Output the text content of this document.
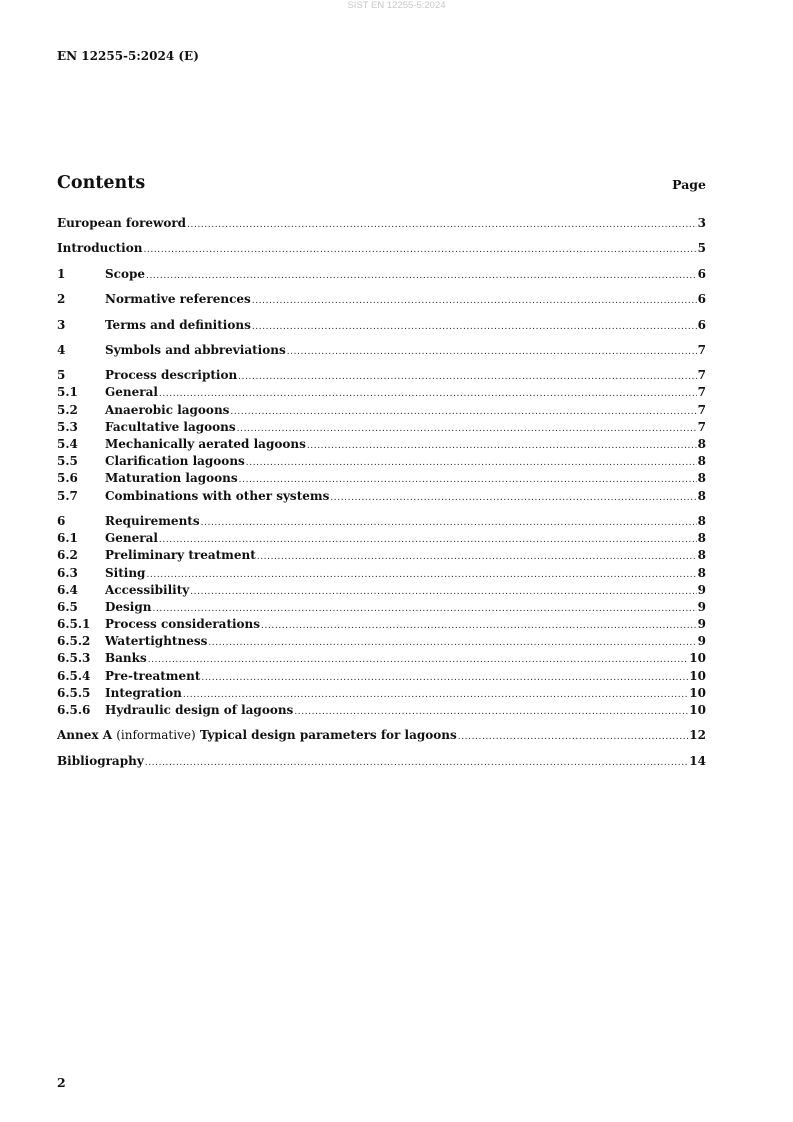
SIST EN 12255-5:2024
EN 12255-5:2024 (E)
Contents	Page
European foreword .....	3
Introduction .....	5
1	Scope .....	6
2	Normative references .....	6
3	Terms and definitions .....	6
4	Symbols and abbreviations .....	7
5	Process description .....	7
5.1	General .....	7
5.2	Anaerobic lagoons .....	7
5.3	Facultative lagoons .....	7
5.4	Mechanically aerated lagoons .....	8
5.5	Clarification lagoons .....	8
5.6	Maturation lagoons .....	8
5.7	Combinations with other systems .....	8
6	Requirements .....	8
6.1	General .....	8
6.2	Preliminary treatment .....	8
6.3	Siting .....	8
6.4	Accessibility .....	9
6.5	Design .....	9
6.5.1	Process considerations .....	9
6.5.2	Watertightness .....	9
6.5.3	Banks .....	10
6.5.4	Pre-treatment .....	10
6.5.5	Integration .....	10
6.5.6	Hydraulic design of lagoons .....	10
Annex A (informative) Typical design parameters for lagoons .....	12
Bibliography .....	14
2
